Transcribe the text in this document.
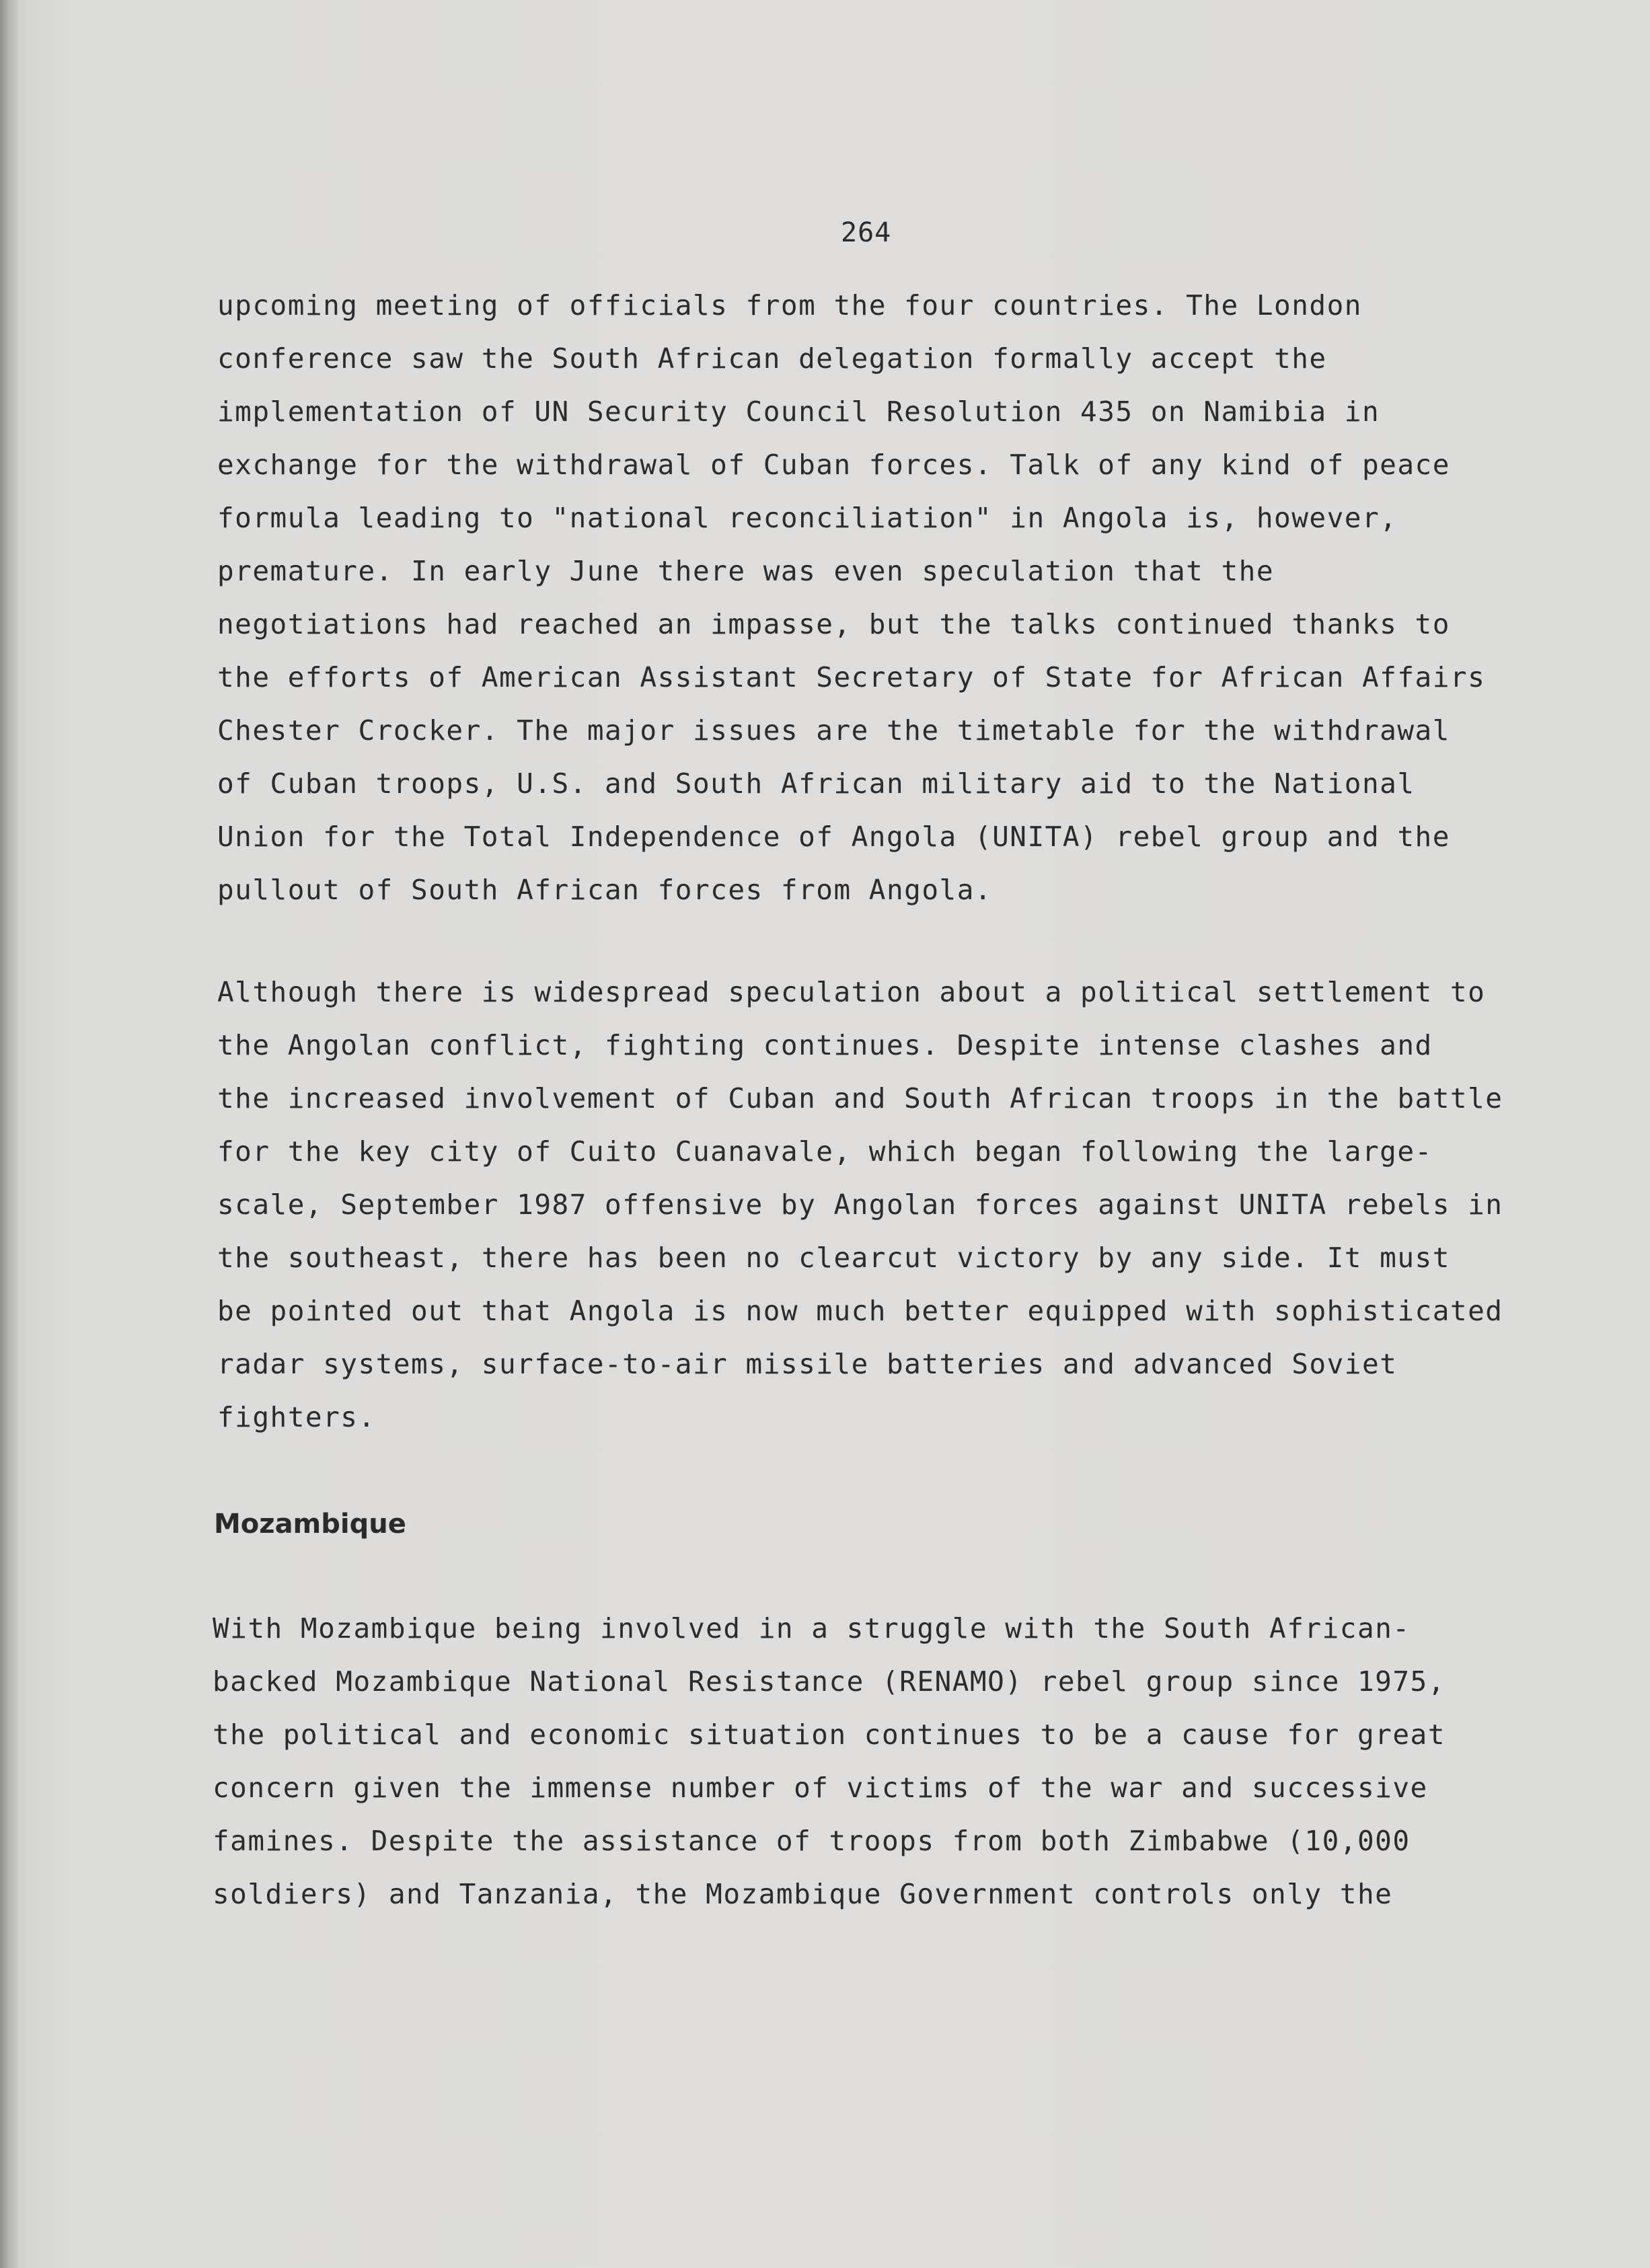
264
upcoming meeting of officials from the four countries. The London
conference saw the South African delegation formally accept the
implementation of UN Security Council Resolution 435 on Namibia in
exchange for the withdrawal of Cuban forces. Talk of any kind of peace
formula leading to "national reconciliation" in Angola is, however,
premature. In early June there was even speculation that the
negotiations had reached an impasse, but the talks continued thanks to
the efforts of American Assistant Secretary of State for African Affairs
Chester Crocker. The major issues are the timetable for the withdrawal
of Cuban troops, U.S. and South African military aid to the National
Union for the Total Independence of Angola (UNITA) rebel group and the
pullout of South African forces from Angola.
Although there is widespread speculation about a political settlement to
the Angolan conflict, fighting continues. Despite intense clashes and
the increased involvement of Cuban and South African troops in the battle
for the key city of Cuito Cuanavale, which began following the large-
scale, September 1987 offensive by Angolan forces against UNITA rebels in
the southeast, there has been no clearcut victory by any side. It must
be pointed out that Angola is now much better equipped with sophisticated
radar systems, surface-to-air missile batteries and advanced Soviet
fighters.
Mozambique
With Mozambique being involved in a struggle with the South African-
backed Mozambique National Resistance (RENAMO) rebel group since 1975,
the political and economic situation continues to be a cause for great
concern given the immense number of victims of the war and successive
famines. Despite the assistance of troops from both Zimbabwe (10,000
soldiers) and Tanzania, the Mozambique Government controls only the
